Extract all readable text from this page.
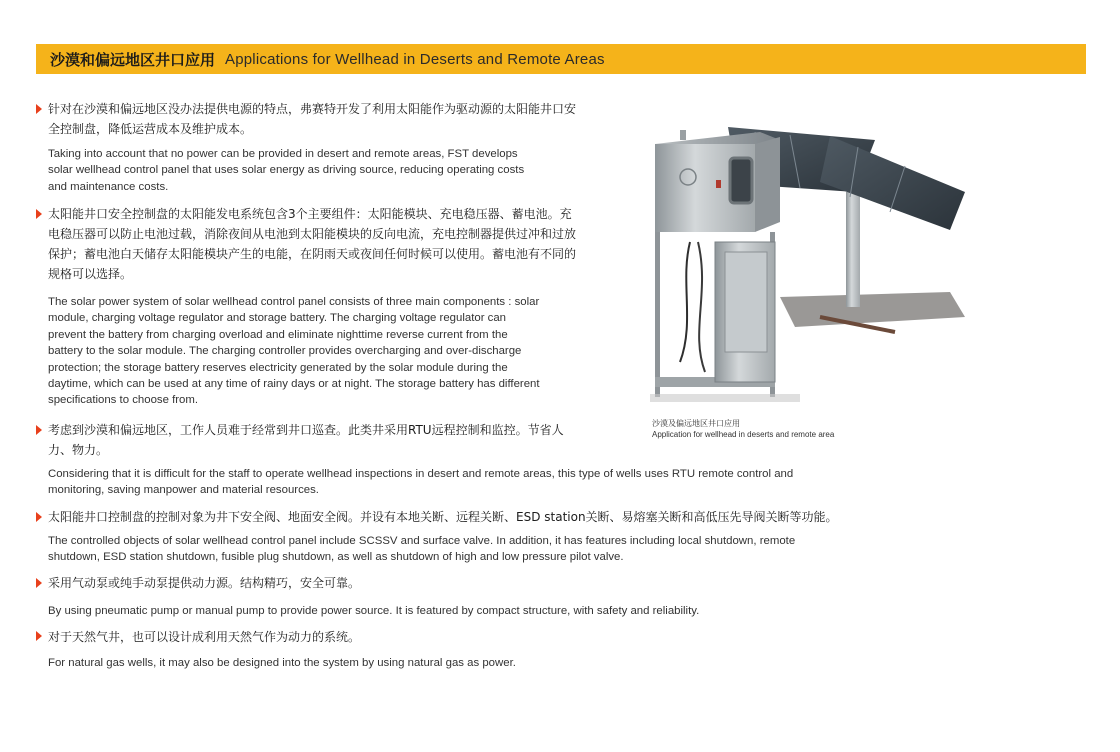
沙漠和偏远地区井口应用 Applications for Wellhead in Deserts and Remote Areas
针对在沙漠和偏远地区没办法提供电源的特点，弗赛特开发了利用太阳能作为驱动源的太阳能井口安
全控制盘，降低运营成本及维护成本。
Taking into account that no power can be provided in desert and remote areas, FST develops
solar wellhead control panel that uses solar energy as driving source, reducing operating costs
and maintenance costs.
太阳能井口安全控制盘的太阳能发电系统包含3个主要组件：太阳能模块、充电稳压器、蓄电池。充
电稳压器可以防止电池过载，消除夜间从电池到太阳能模块的反向电流，充电控制器提供过冲和过放
保护；蓄电池白天储存太阳能模块产生的电能，在阴雨天或夜间任何时候可以使用。蓄电池有不同的
规格可以选择。
The solar power system of solar wellhead control panel consists of three main components : solar
module, charging voltage regulator and storage battery. The charging voltage regulator can
prevent the battery from charging overload and eliminate nighttime reverse current from the
battery to the solar module. The charging controller provides overcharging and over-discharge
protection; the storage battery reserves electricity generated by the solar module during the
daytime, which can be used at any time of rainy days or at night. The storage battery has different
specifications to choose from.
考虑到沙漠和偏远地区，工作人员难于经常到井口巡查。此类井采用RTU远程控制和监控。节省人
力、物力。
Considering that it is difficult for the staff to operate wellhead inspections in desert and remote areas, this type of wells uses RTU remote control and
monitoring, saving manpower and material resources.
太阳能井口控制盘的控制对象为井下安全阀、地面安全阀。并设有本地关断、远程关断、ESD station关断、易熔塞关断和高低压先导阀关断等功能。
The controlled objects of solar wellhead control panel include SCSSV and surface valve. In addition, it has features including local shutdown, remote
shutdown, ESD station shutdown, fusible plug shutdown, as well as shutdown of high and low pressure pilot valve.
采用气动泵或纯手动泵提供动力源。结构精巧，安全可靠。
By using pneumatic pump or manual pump to provide power source. It is featured by compact structure, with safety and reliability.
对于天然气井，也可以设计成利用天然气作为动力的系统。
For natural gas wells, it may also be designed into the system by using natural gas as power.
沙漠及偏远地区井口应用
Application for wellhead in deserts and remote area
